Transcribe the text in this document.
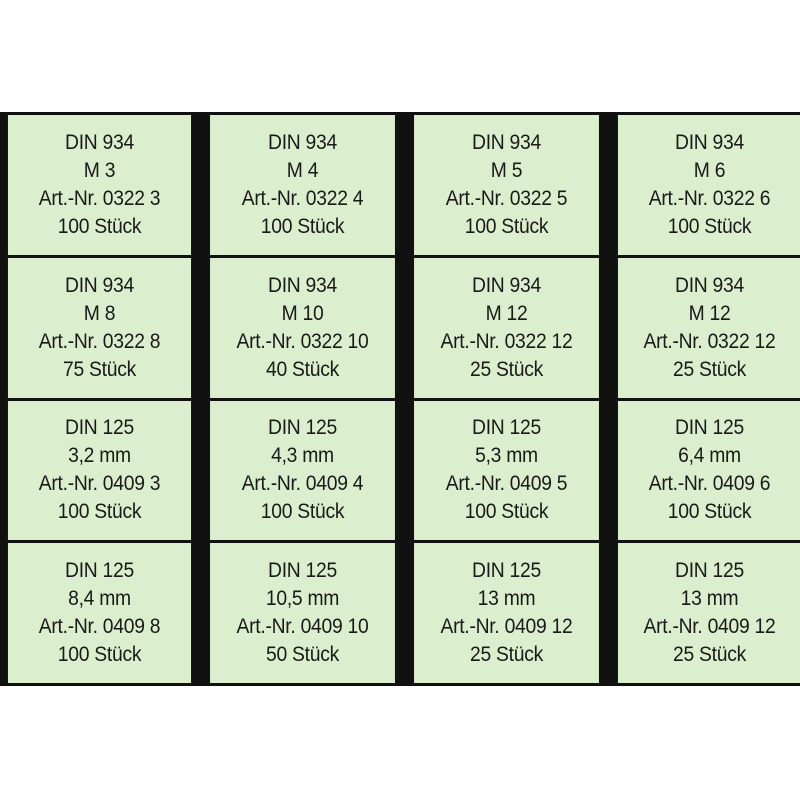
DIN 934
M 3
Art.-Nr. 0322 3
100 Stück
DIN 934
M 4
Art.-Nr. 0322 4
100 Stück
DIN 934
M 5
Art.-Nr. 0322 5
100 Stück
DIN 934
M 6
Art.-Nr. 0322 6
100 Stück
DIN 934
M 8
Art.-Nr. 0322 8
75 Stück
DIN 934
M 10
Art.-Nr. 0322 10
40 Stück
DIN 934
M 12
Art.-Nr. 0322 12
25 Stück
DIN 934
M 12
Art.-Nr. 0322 12
25 Stück
DIN 125
3,2 mm
Art.-Nr. 0409 3
100 Stück
DIN 125
4,3 mm
Art.-Nr. 0409 4
100 Stück
DIN 125
5,3 mm
Art.-Nr. 0409 5
100 Stück
DIN 125
6,4 mm
Art.-Nr. 0409 6
100 Stück
DIN 125
8,4 mm
Art.-Nr. 0409 8
100 Stück
DIN 125
10,5 mm
Art.-Nr. 0409 10
50 Stück
DIN 125
13 mm
Art.-Nr. 0409 12
25 Stück
DIN 125
13 mm
Art.-Nr. 0409 12
25 Stück
